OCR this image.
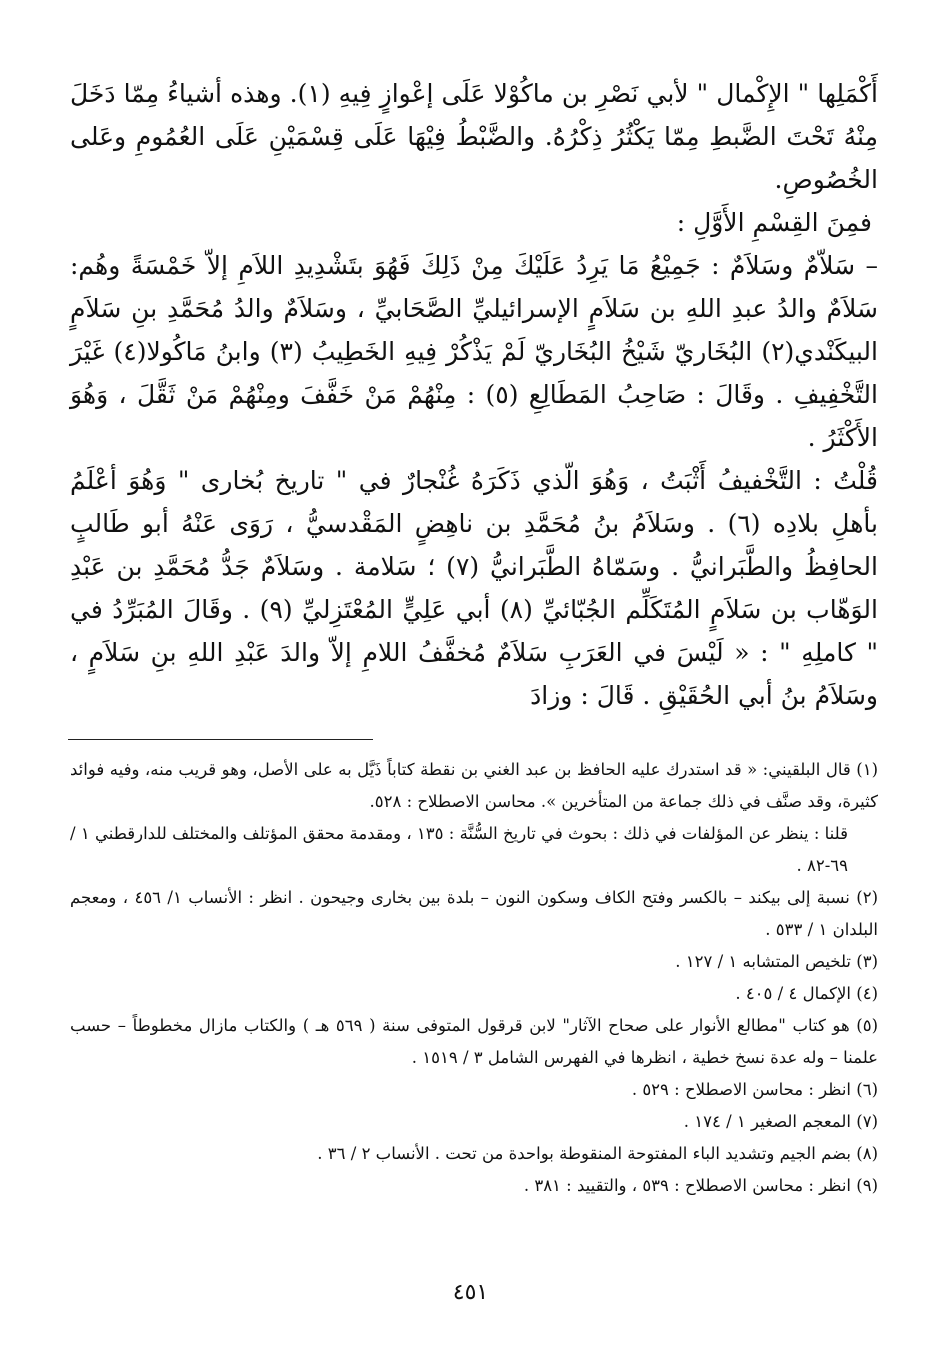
أَكْمَلِها " الإِكْمال " لأبي نَصْرِ بن ماكُوْلا عَلَى إعْوازٍ فِيهِ (١). وهذه أشياءُ مِمّا دَخَلَ مِنْهُ تَحْتَ الضَّبطِ مِمّا يَكْثُرُ ذِكْرُهُ. والضَّبْطُ فِيْهَا عَلَى قِسْمَيْنِ عَلَى العُمُومِ وعَلى الخُصُوصِ.

فمِنَ القِسْمِ الأَوَّلِ :

– سَلاّمٌ وسَلاَمٌ : جَمِيْعُ مَا يَرِدُ عَلَيْكَ مِنْ ذَلِكَ فَهُوَ بتَشْدِيدِ اللاَمِ إلاّ خَمْسَةً وهُم: سَلاَمٌ والدُ عبدِ اللهِ بن سَلاَمٍ الإسرائيليِّ الصَّحَابيِّ ، وسَلاَمٌ والدُ مُحَمَّدِ بنِ سَلاَمٍ البيكَنْدي(٢) البُخَاريّ شَيْخُ البُخَاريّ لَمْ يَذْكُرْ فِيهِ الخَطِيبُ (٣) وابنُ مَاكُولا(٤) غَيْرَ التَّخْفِيفِ . وقَالَ : صَاحِبُ المَطَالِعِ (٥) : مِنْهُمْ مَنْ خَفَّفَ ومِنْهُمْ مَنْ ثَقَّلَ ، وَهُوَ الأَكْثَرُ .

قُلْتُ : التَّخْفيفُ أَثْبَتُ ، وَهُوَ الّذي ذَكَرَهُ غُنْجارٌ في " تاريخ بُخارى " وَهُوَ أعْلَمُ بأهلِ بلادِه (٦) . وسَلاَمُ بنُ مُحَمَّدِ بن ناهِضٍ المَقْدسيُّ ، رَوَى عَنْهُ أبو طَالبٍ الحافِظُ والطَّبَرانيُّ . وسَمّاهُ الطَّبَرانيُّ (٧) ؛ سَلامة . وسَلاَمٌ جَدُّ مُحَمَّدِ بن عَبْدِ الوَهّاب بن سَلاَمٍ المُتَكَلِّم الجُبّائيِّ (٨) أبي عَلِيٍّ المُعْتَزِليِّ (٩) . وقَالَ المُبَرِّدُ في " كاملِهِ " : « لَيْسَ في العَرَبِ سَلاَمٌ مُخفَّفُ اللامِ إلاّ والدَ عَبْدِ اللهِ بنِ سَلاَمٍ ، وسَلاَمُ بنُ أبي الحُقَيْقِ . قَالَ : وزادَ

(١) قال البلقيني: « قد استدرك عليه الحافظ بن عبد الغني بن نقطة كتاباً ذَيَّل به على الأصل، وهو قريب منه، وفيه فوائد كثيرة، وقد صنَّف في ذلك جماعة من المتأخرين ». محاسن الاصطلاح : ٥٢٨.

قلنا : ينظر عن المؤلفات في ذلك : بحوث في تاريخ السُّنَّة : ١٣٥ ، ومقدمة محقق المؤتلف والمختلف للدارقطني ١ / ٦٩-٨٢ .

(٢) نسبة إلى بيكند – بالكسر وفتح الكاف وسكون النون – بلدة بين بخارى وجيحون . انظر : الأنساب ١/ ٤٥٦ ، ومعجم البلدان ١ / ٥٣٣ .

(٣) تلخيص المتشابه ١ / ١٢٧ .

(٤) الإكمال ٤ / ٤٠٥ .

(٥) هو كتاب "مطالع الأنوار على صحاح الآثار" لابن قرقول المتوفى سنة ( ٥٦٩ هـ ) والكتاب مازال مخطوطاً – حسب علمنا – وله عدة نسخ خطية ، انظرها في الفهرس الشامل ٣ / ١٥١٩ .

(٦) انظر : محاسن الاصطلاح : ٥٢٩ .

(٧) المعجم الصغير ١ / ١٧٤ .

(٨) بضم الجيم وتشديد الباء المفتوحة المنقوطة بواحدة من تحت . الأنساب ٢ / ٣٦ .

(٩) انظر : محاسن الاصطلاح : ٥٣٩ ، والتقييد : ٣٨١ .

٤٥١
